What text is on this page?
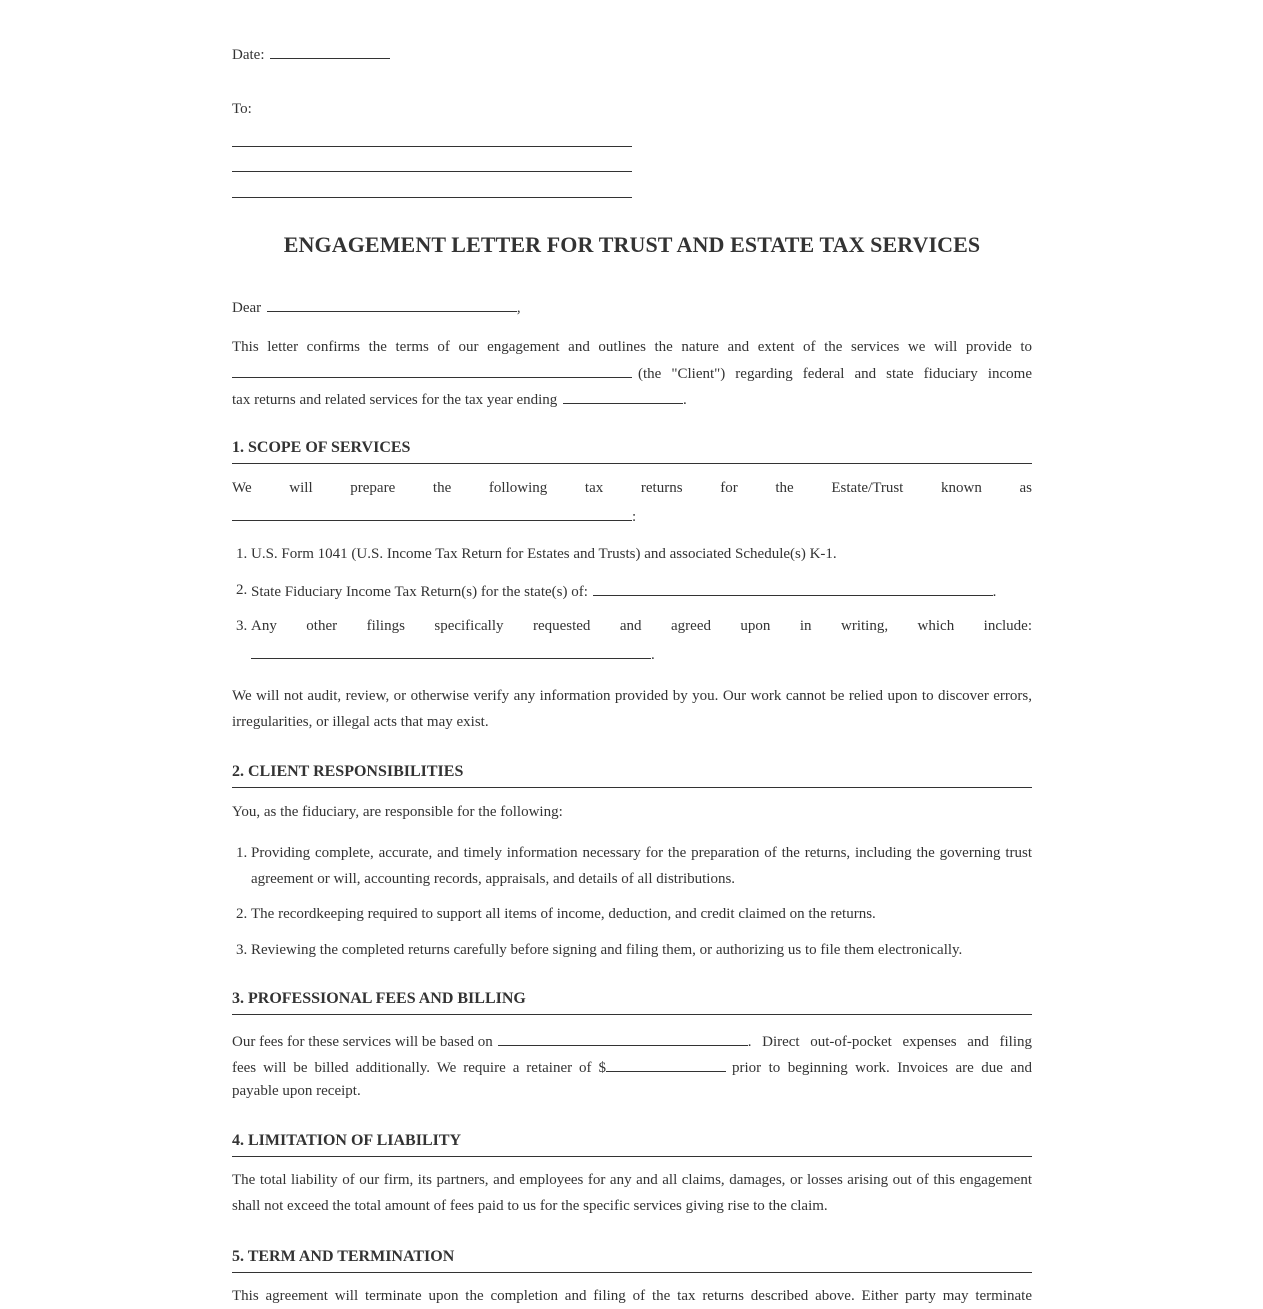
Date:
To:
ENGAGEMENT LETTER FOR TRUST AND ESTATE TAX SERVICES
Dear	,
This letter confirms the terms of our engagement and outlines the nature and extent of the services we will provide to
(the "Client") regarding federal and state fiduciary income
tax returns and related services for the tax year ending	.
1. SCOPE OF SERVICES
We will prepare the following tax returns for the Estate/Trust known as
:
1. U.S. Form 1041 (U.S. Income Tax Return for Estates and Trusts) and associated Schedule(s) K-1.
2. State Fiduciary Income Tax Return(s) for the state(s) of:	.
3. Any other filings specifically requested and agreed upon in writing, which include:
.
We will not audit, review, or otherwise verify any information provided by you. Our work cannot be relied upon to discover errors, irregularities, or illegal acts that may exist.
2. CLIENT RESPONSIBILITIES
You, as the fiduciary, are responsible for the following:
1. Providing complete, accurate, and timely information necessary for the preparation of the returns, including the governing trust agreement or will, accounting records, appraisals, and details of all distributions.
2. The recordkeeping required to support all items of income, deduction, and credit claimed on the returns.
3. Reviewing the completed returns carefully before signing and filing them, or authorizing us to file them electronically.
3. PROFESSIONAL FEES AND BILLING
Our fees for these services will be based on	. Direct out-of-pocket expenses and filing
fees will be billed additionally. We require a retainer of $	prior to beginning work. Invoices are due and
payable upon receipt.
4. LIMITATION OF LIABILITY
The total liability of our firm, its partners, and employees for any and all claims, damages, or losses arising out of this engagement shall not exceed the total amount of fees paid to us for the specific services giving rise to the claim.
5. TERM AND TERMINATION
This agreement will terminate upon the completion and filing of the tax returns described above. Either party may terminate
